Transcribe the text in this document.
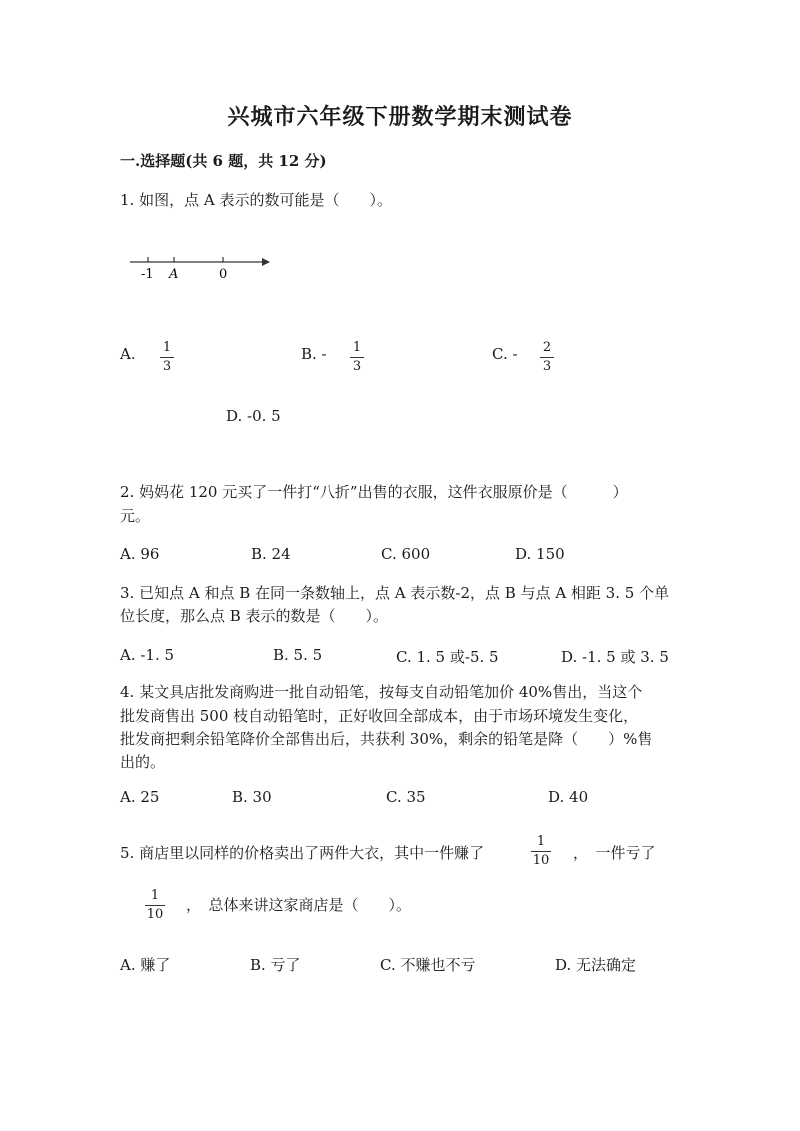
兴城市六年级下册数学期末测试卷
一.选择题(共 6 题，共 12 分)
1. 如图，点 A 表示的数可能是（　　）。
-1 A	0
A. 1
3
B. - 1
3
C. - 2
3
D. -0. 5
2. 妈妈花 120 元买了一件打“八折”出售的衣服，这件衣服原价是（　　　）
元。
A. 96	B. 24	C. 600	D. 150
3. 已知点 A 和点 B 在同一条数轴上，点 A 表示数-2，点 B 与点 A 相距 3. 5 个单
位长度，那么点 B 表示的数是（　　）。
A. -1. 5	B. 5. 5	C. 1. 5 或-5. 5	D. -1. 5 或 3. 5
4. 某文具店批发商购进一批自动铅笔，按每支自动铅笔加价 40%售出，当这个
批发商售出 500 枝自动铅笔时，正好收回全部成本，由于市场环境发生变化，
批发商把剩余铅笔降价全部售出后，共获利 30%，剩余的铅笔是降（　　）%售
出的。
A. 25	B. 30	C. 35	D. 40
5. 商店里以同样的价格卖出了两件大衣，其中一件赚了
1
10 ，　一件亏了
1
10
，　总体来讲这家商店是（　　）。
A. 赚了	B. 亏了	C. 不赚也不亏	D. 无法确定
